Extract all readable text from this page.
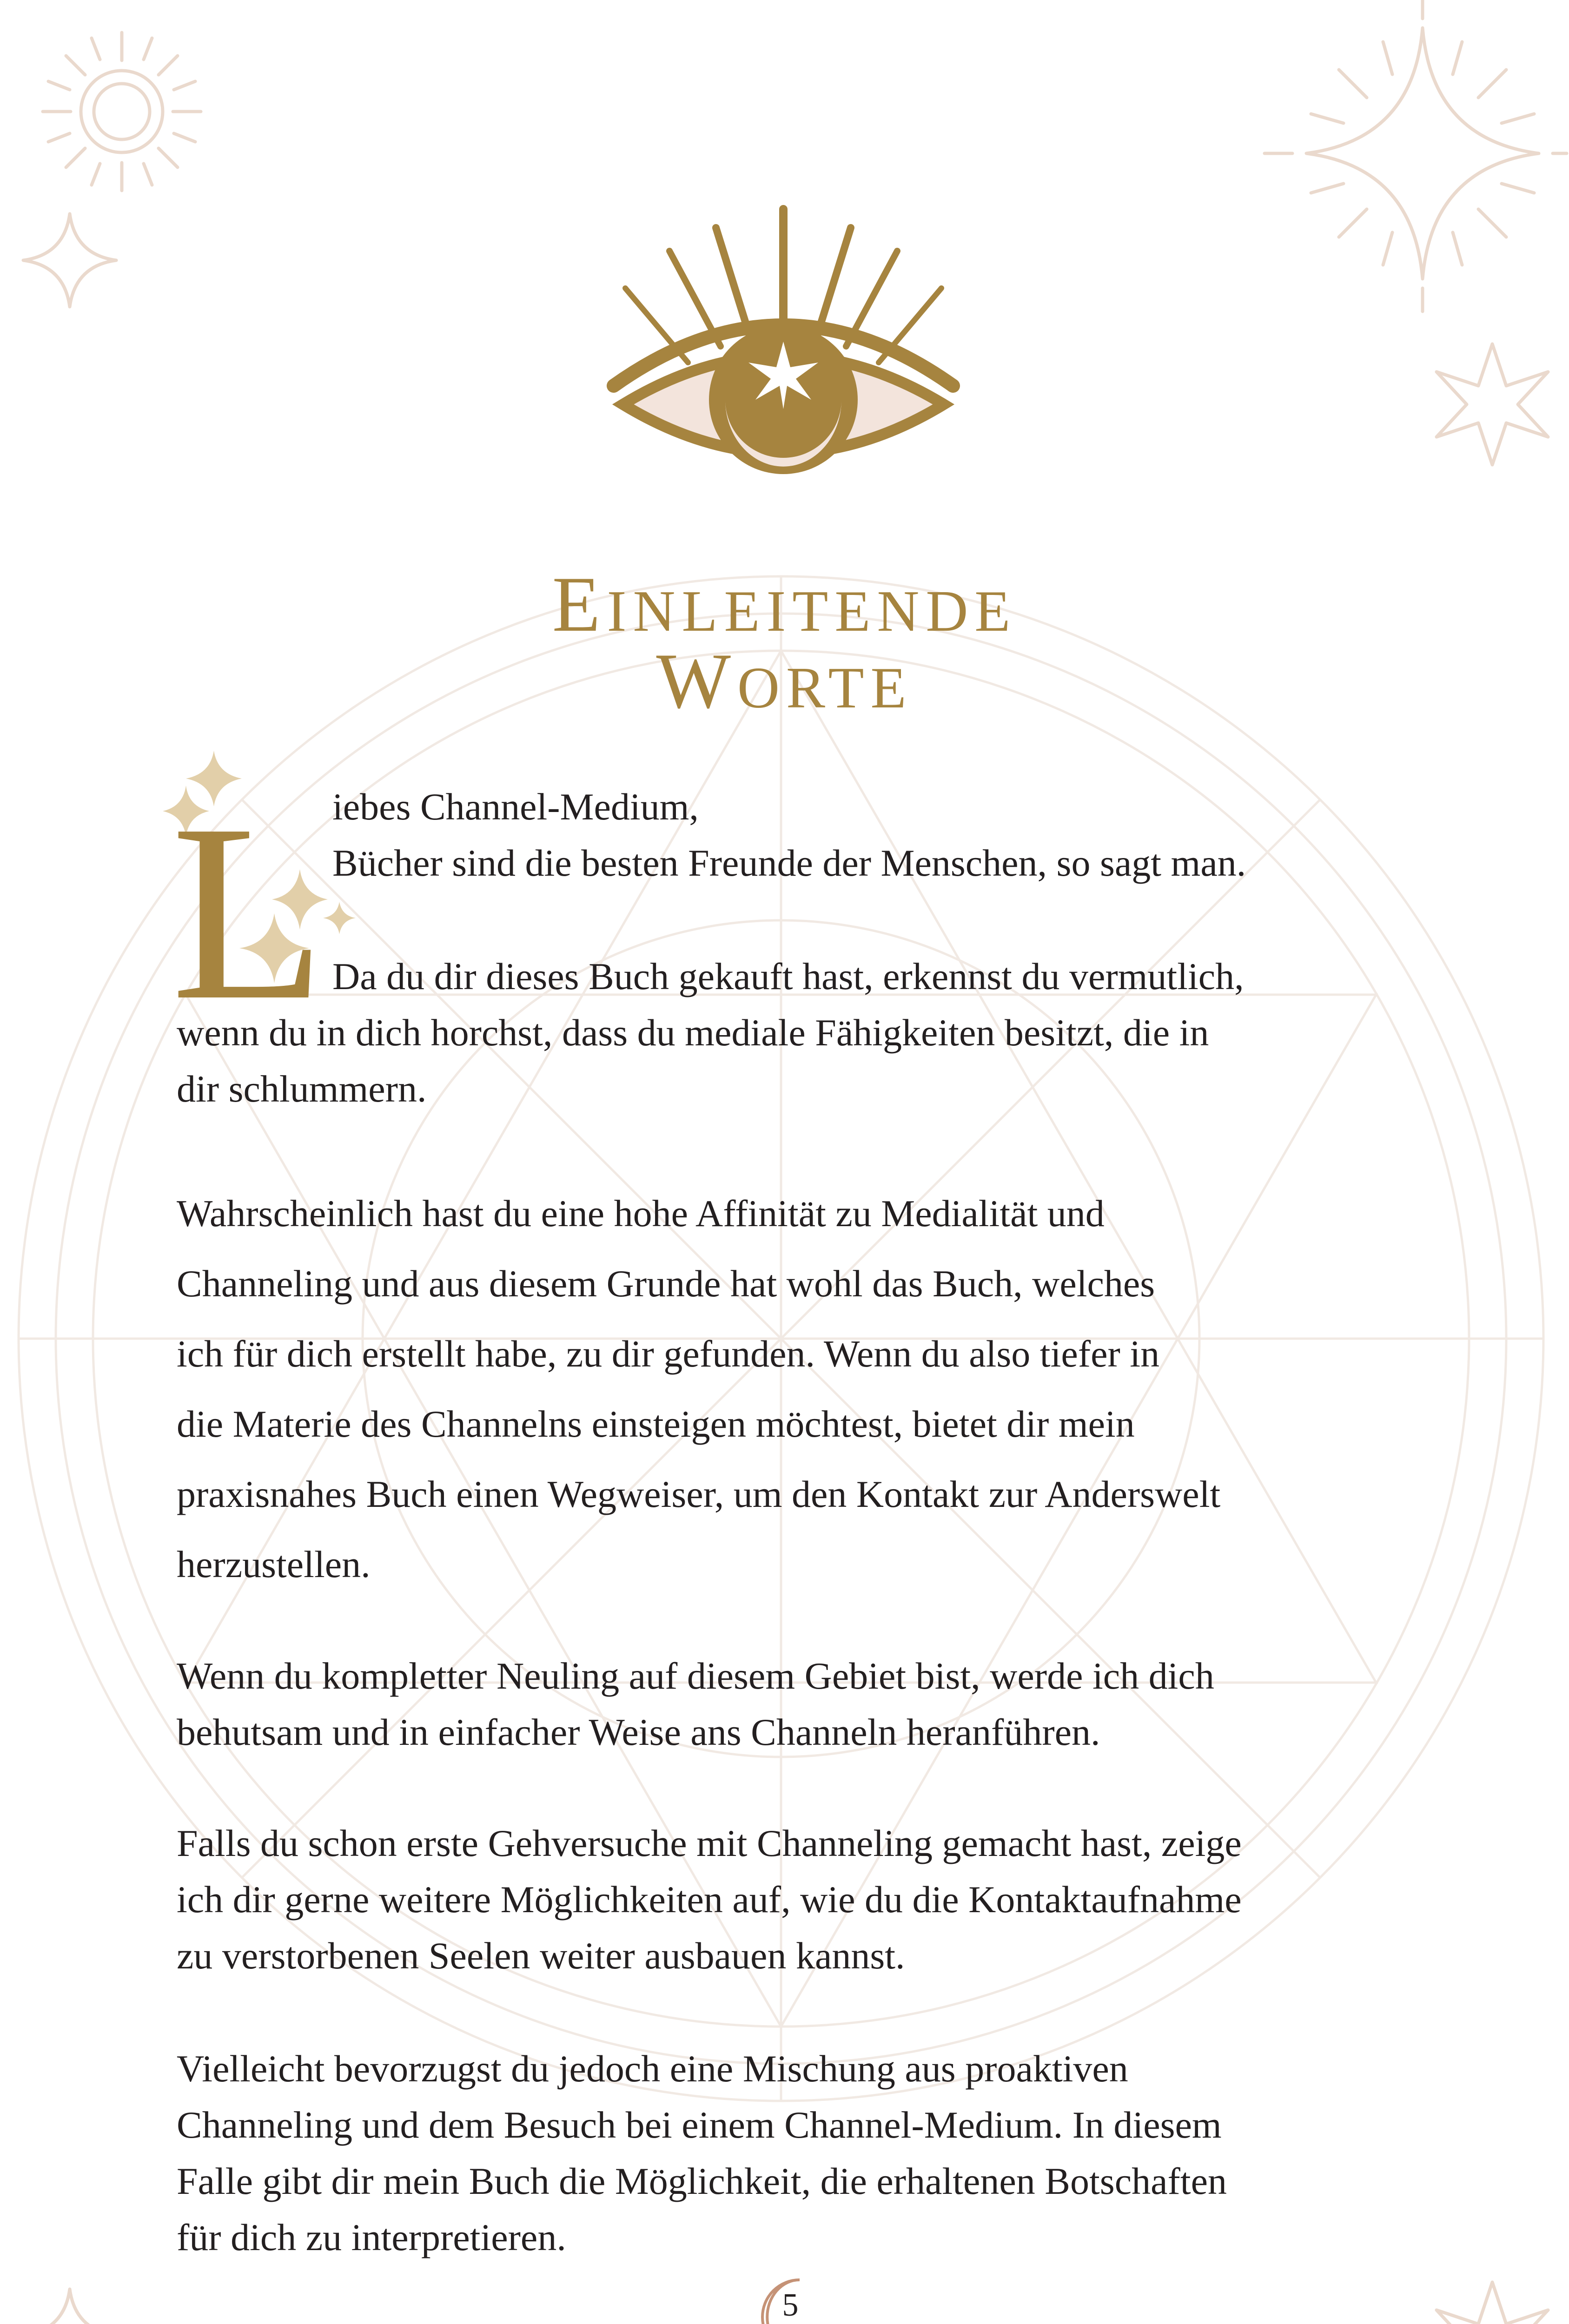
EINLEITENDE
WORTE
L iebes Channel-Medium,
Bücher sind die besten Freunde der Menschen, so sagt man.

Da du dir dieses Buch gekauft hast, erkennst du vermutlich,
wenn du in dich horchst, dass du mediale Fähigkeiten besitzt, die in
dir schlummern.

Wahrscheinlich hast du eine hohe Affinität zu Medialität und
Channeling und aus diesem Grunde hat wohl das Buch, welches
ich für dich erstellt habe, zu dir gefunden. Wenn du also tiefer in
die Materie des Channelns einsteigen möchtest, bietet dir mein
praxisnahes Buch einen Wegweiser, um den Kontakt zur Anderswelt
herzustellen.

Wenn du kompletter Neuling auf diesem Gebiet bist, werde ich dich
behutsam und in einfacher Weise ans Channeln heranführen.

Falls du schon erste Gehversuche mit Channeling gemacht hast, zeige
ich dir gerne weitere Möglichkeiten auf, wie du die Kontaktaufnahme
zu verstorbenen Seelen weiter ausbauen kannst.

Vielleicht bevorzugst du jedoch eine Mischung aus proaktiven
Channeling und dem Besuch bei einem Channel-Medium. In diesem
Falle gibt dir mein Buch die Möglichkeit, die erhaltenen Botschaften
für dich zu interpretieren.

5
